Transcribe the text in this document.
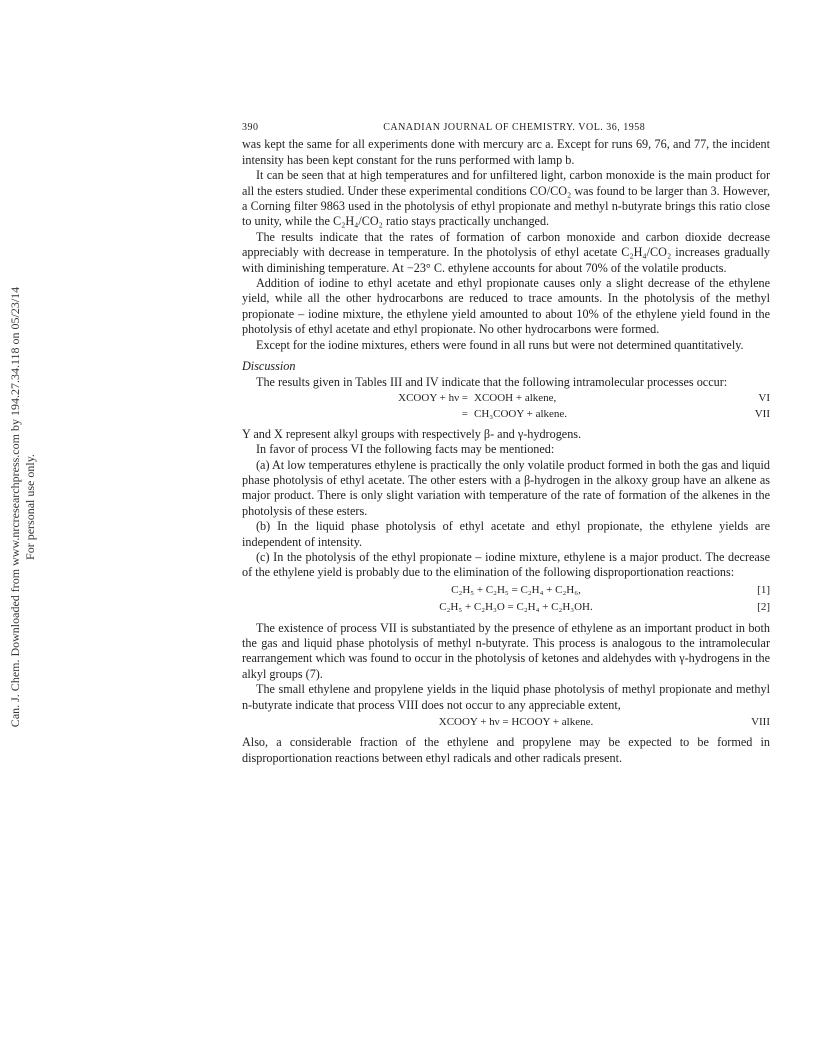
Can. J. Chem. Downloaded from www.nrcresearchpress.com by 194.27.34.118 on 05/23/14 For personal use only.
390	CANADIAN JOURNAL OF CHEMISTRY. VOL. 36, 1958

was kept the same for all experiments done with mercury arc a. Except for runs 69, 76, and 77, the incident intensity has been kept constant for the runs performed with lamp b.

It can be seen that at high temperatures and for unfiltered light, carbon monoxide is the main product for all the esters studied. Under these experimental conditions CO/CO₂ was found to be larger than 3. However, a Corning filter 9863 used in the photolysis of ethyl propionate and methyl n-butyrate brings this ratio close to unity, while the C₂H₄/CO₂ ratio stays practically unchanged.

The results indicate that the rates of formation of carbon monoxide and carbon dioxide decrease appreciably with decrease in temperature. In the photolysis of ethyl acetate C₂H₄/CO₂ increases gradually with diminishing temperature. At −23° C. ethylene accounts for about 70% of the volatile products.

Addition of iodine to ethyl acetate and ethyl propionate causes only a slight decrease of the ethylene yield, while all the other hydrocarbons are reduced to trace amounts. In the photolysis of the methyl propionate – iodine mixture, the ethylene yield amounted to about 10% of the ethylene yield found in the photolysis of ethyl acetate and ethyl propionate. No other hydrocarbons were formed.

Except for the iodine mixtures, ethers were found in all runs but were not determined quantitatively.

Discussion

The results given in Tables III and IV indicate that the following intramolecular processes occur:

XCOOY + hν = XCOOH + alkene,	VI
= CH₃COOY + alkene.	VII

Y and X represent alkyl groups with respectively β- and γ-hydrogens.

In favor of process VI the following facts may be mentioned:

(a) At low temperatures ethylene is practically the only volatile product formed in both the gas and liquid phase photolysis of ethyl acetate. The other esters with a β-hydrogen in the alkoxy group have an alkene as major product. There is only slight variation with temperature of the rate of formation of the alkenes in the photolysis of these esters.

(b) In the liquid phase photolysis of ethyl acetate and ethyl propionate, the ethylene yields are independent of intensity.

(c) In the photolysis of the ethyl propionate – iodine mixture, ethylene is a major product. The decrease of the ethylene yield is probably due to the elimination of the following disproportionation reactions:

C₂H₅ + C₂H₅ = C₂H₄ + C₂H₆,	[1]
C₂H₅ + C₂H₃O = C₂H₄ + C₂H₃OH.	[2]

The existence of process VII is substantiated by the presence of ethylene as an important product in both the gas and liquid phase photolysis of methyl n-butyrate. This process is analogous to the intramolecular rearrangement which was found to occur in the photolysis of ketones and aldehydes with γ-hydrogens in the alkyl groups (7).

The small ethylene and propylene yields in the liquid phase photolysis of methyl propionate and methyl n-butyrate indicate that process VIII does not occur to any appreciable extent,

XCOOY + hν = HCOOY + alkene.	VIII

Also, a considerable fraction of the ethylene and propylene may be expected to be formed in disproportionation reactions between ethyl radicals and other radicals present.
